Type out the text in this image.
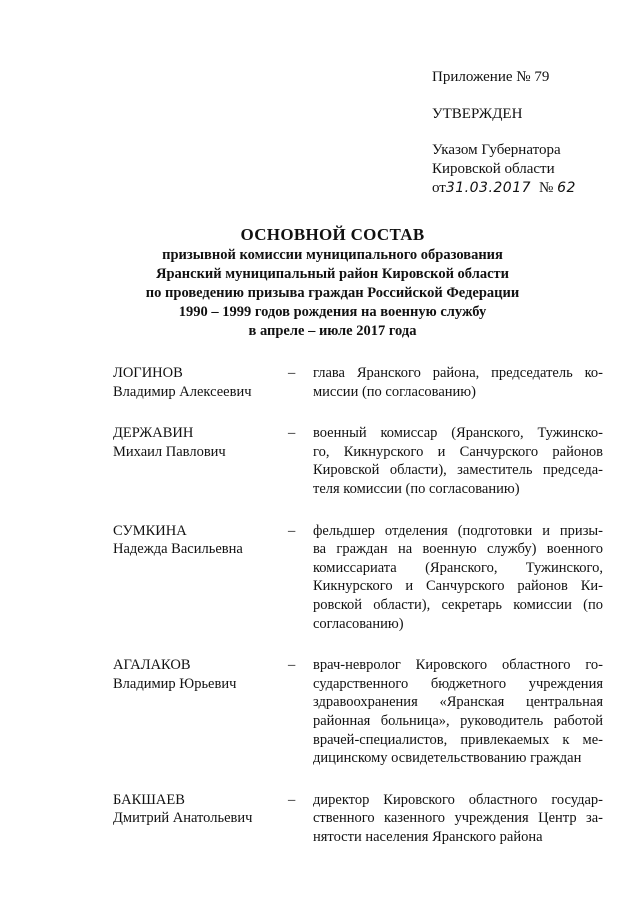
Приложение № 79
УТВЕРЖДЕН
Указом Губернатора
Кировской области
от31.03.2017 № 62
ОСНОВНОЙ СОСТАВ
призывной комиссии муниципального образования
Яранский муниципальный район Кировской области
по проведению призыва граждан Российской Федерации
1990 – 1999 годов рождения на военную службу
в апреле – июле 2017 года
ЛОГИНОВ
Владимир Алексеевич
–	глава Яранского района, председатель ко-
миссии (по согласованию)
ДЕРЖАВИН
Михаил Павлович
–	военный комиссар (Яранского, Тужинско-
го, Кикнурского и Санчурского районов
Кировской области), заместитель председа-
теля комиссии (по согласованию)
СУМКИНА
Надежда Васильевна
–	фельдшер отделения (подготовки и призы-
ва граждан на военную службу) военного
комиссариата (Яранского, Тужинского,
Кикнурского и Санчурского районов Ки-
ровской области), секретарь комиссии (по
согласованию)
АГАЛАКОВ
Владимир Юрьевич
–	врач-невролог Кировского областного го-
сударственного бюджетного учреждения
здравоохранения «Яранская центральная
районная больница», руководитель работой
врачей-специалистов, привлекаемых к ме-
дицинскому освидетельствованию граждан
БАКШАЕВ
Дмитрий Анатольевич
–	директор Кировского областного государ-
ственного казенного учреждения Центр за-
нятости населения Яранского района
